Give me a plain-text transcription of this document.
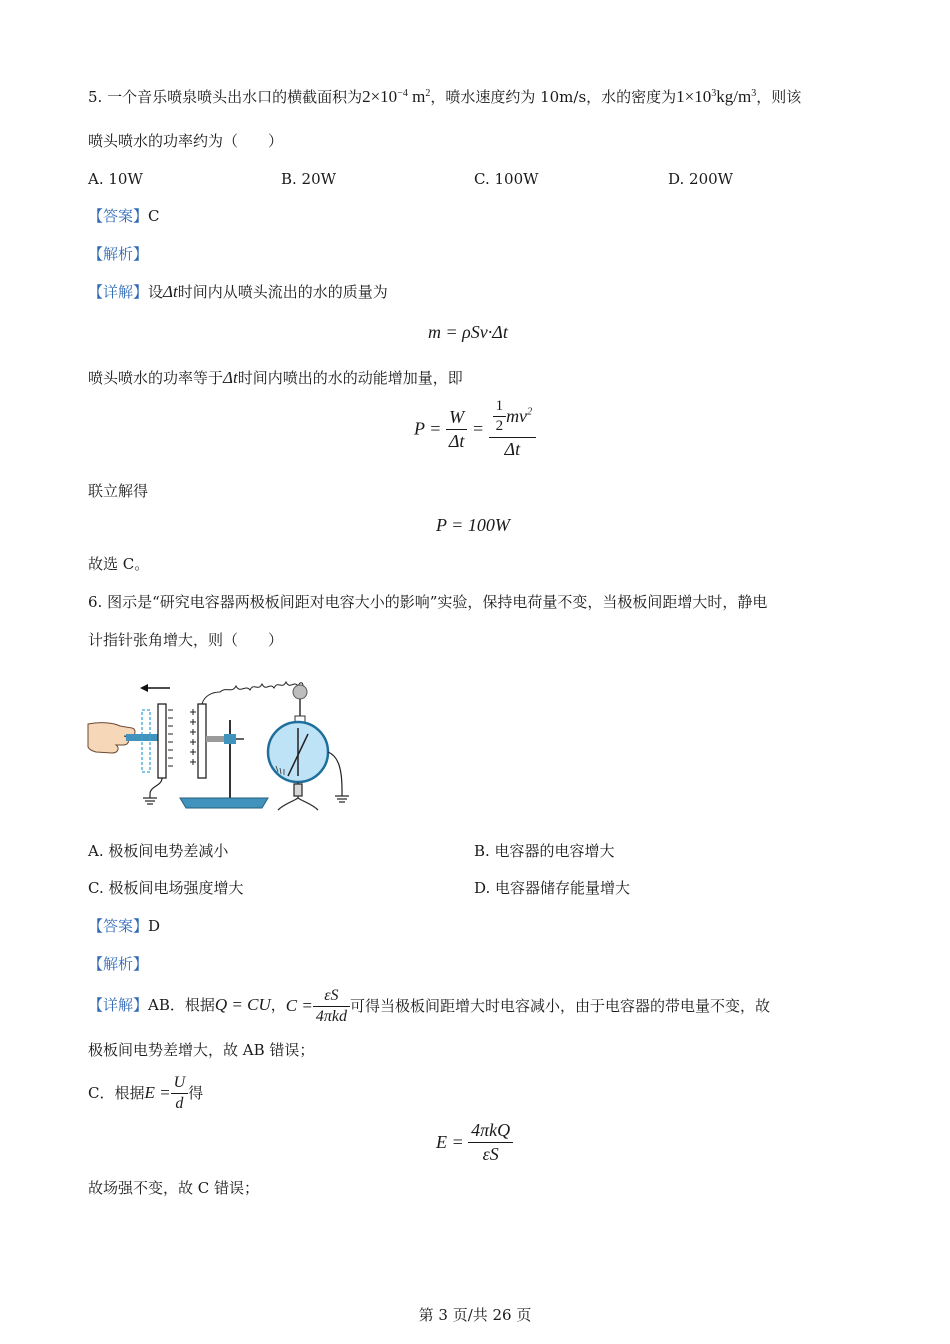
5. 一个音乐喷泉喷头出水口的横截面积为$2\times 10^{-4}$ $m^2$，喷水速度约为 10m/s，水的密度为$1\times 10^3kg/m^3$，则该
喷头喷水的功率约为（　　）
A. 10W	B. 20W	C. 100W	D. 200W
【答案】C
【解析】
【详解】设Δt时间内从喷头流出的水的质量为
m = ρSv·Δt
喷头喷水的功率等于Δt时间内喷出的水的动能增加量，即
$P = \frac{W}{\Delta t} = \frac{\frac{1}{2} mv^2}{\Delta t}$
联立解得
P = 100W
故选 C。
6. 图示是“研究电容器两极板间距对电容大小的影响”实验，保持电荷量不变，当极板间距增大时，静电
计指针张角增大，则（　　）
A. 极板间电势差减小	B. 电容器的电容增大
C. 极板间电场强度增大	D. 电容器储存能量增大
【答案】D
【解析】
【详解】AB．根据Q = CU，$C = \frac{\varepsilon S}{\text{4πkd}}$ 可得当极板间距增大时电容减小，由于电容器的带电量不变，故
极板间电势差增大，故 AB 错误；
C．根据$E = \frac{U}{d}$ 得
$E = \frac{\text{4πkQ}}{\varepsilon S}$
故场强不变，故 C 错误；
第 3 页/共 26 页
